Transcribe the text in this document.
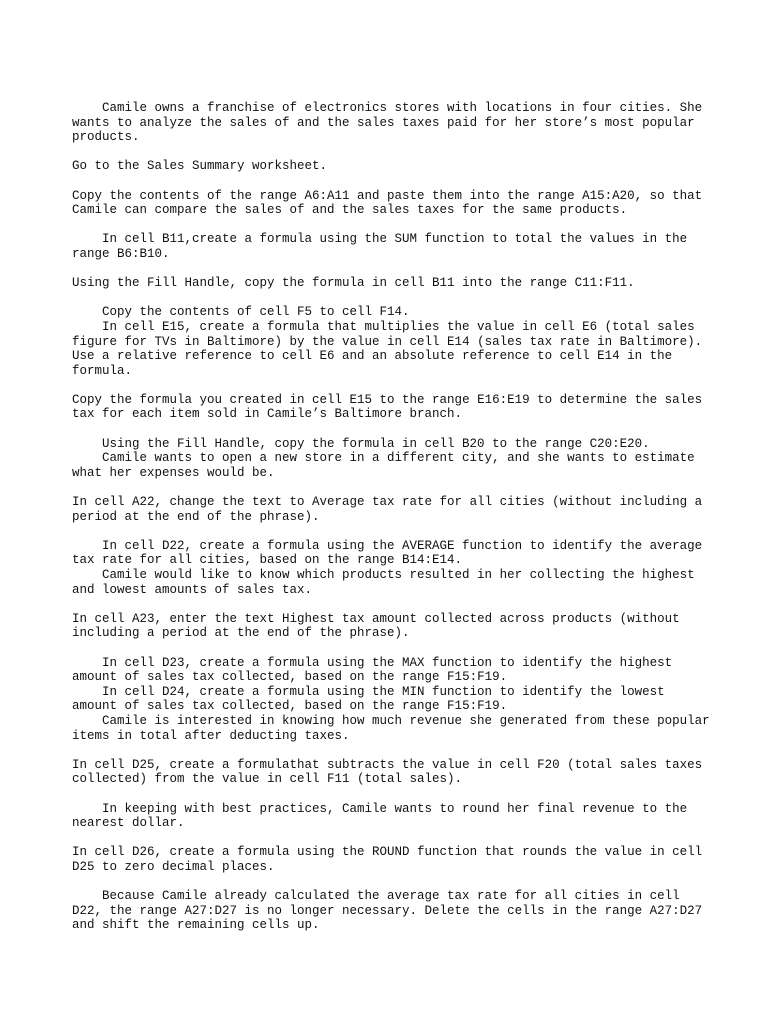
Camile owns a franchise of electronics stores with locations in four cities. She wants to analyze the sales of and the sales taxes paid for her store’s most popular products.

Go to the Sales Summary worksheet.

Copy the contents of the range A6:A11 and paste them into the range A15:A20, so that Camile can compare the sales of and the sales taxes for the same products.

In cell B11,create a formula using the SUM function to total the values in the range B6:B10.

Using the Fill Handle, copy the formula in cell B11 into the range C11:F11.

Copy the contents of cell F5 to cell F14.

In cell E15, create a formula that multiplies the value in cell E6 (total sales figure for TVs in Baltimore) by the value in cell E14 (sales tax rate in Baltimore). Use a relative reference to cell E6 and an absolute reference to cell E14 in the formula.

Copy the formula you created in cell E15 to the range E16:E19 to determine the sales tax for each item sold in Camile’s Baltimore branch.

Using the Fill Handle, copy the formula in cell B20 to the range C20:E20.

Camile wants to open a new store in a different city, and she wants to estimate what her expenses would be.

In cell A22, change the text to Average tax rate for all cities (without including a period at the end of the phrase).

In cell D22, create a formula using the AVERAGE function to identify the average tax rate for all cities, based on the range B14:E14.

Camile would like to know which products resulted in her collecting the highest and lowest amounts of sales tax.

In cell A23, enter the text Highest tax amount collected across products (without including a period at the end of the phrase).

In cell D23, create a formula using the MAX function to identify the highest amount of sales tax collected, based on the range F15:F19.

In cell D24, create a formula using the MIN function to identify the lowest amount of sales tax collected, based on the range F15:F19.

Camile is interested in knowing how much revenue she generated from these popular items in total after deducting taxes.

In cell D25, create a formulathat subtracts the value in cell F20 (total sales taxes collected) from the value in cell F11 (total sales).

In keeping with best practices, Camile wants to round her final revenue to the nearest dollar.

In cell D26, create a formula using the ROUND function that rounds the value in cell D25 to zero decimal places.

Because Camile already calculated the average tax rate for all cities in cell D22, the range A27:D27 is no longer necessary. Delete the cells in the range A27:D27 and shift the remaining cells up.
